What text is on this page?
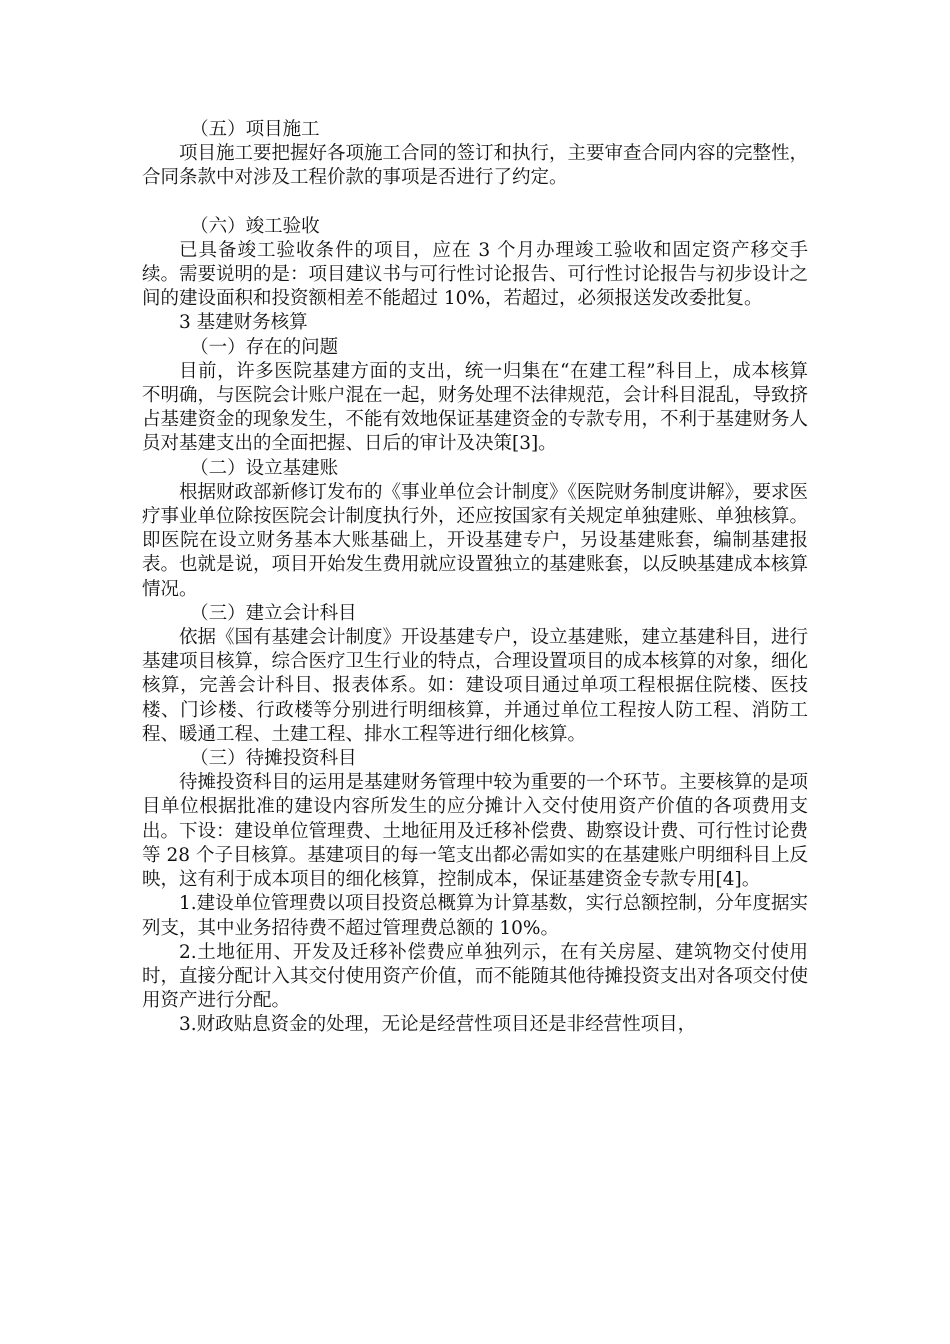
（五）项目施工

项目施工要把握好各项施工合同的签订和执行，主要审查合同内容的完整性，合同条款中对涉及工程价款的事项是否进行了约定。

（六）竣工验收

已具备竣工验收条件的项目，应在 3 个月办理竣工验收和固定资产移交手续。需要说明的是：项目建议书与可行性讨论报告、可行性讨论报告与初步设计之间的建设面积和投资额相差不能超过 10%，若超过，必须报送发改委批复。

3 基建财务核算

（一）存在的问题

目前，许多医院基建方面的支出，统一归集在“在建工程”科目上，成本核算不明确，与医院会计账户混在一起，财务处理不法律规范，会计科目混乱，导致挤占基建资金的现象发生，不能有效地保证基建资金的专款专用，不利于基建财务人员对基建支出的全面把握、日后的审计及决策[3]。

（二）设立基建账

根据财政部新修订发布的《事业单位会计制度》《医院财务制度讲解》，要求医疗事业单位除按医院会计制度执行外，还应按国家有关规定单独建账、单独核算。即医院在设立财务基本大账基础上，开设基建专户，另设基建账套，编制基建报表。也就是说，项目开始发生费用就应设置独立的基建账套，以反映基建成本核算情况。

（三）建立会计科目

依据《国有基建会计制度》开设基建专户，设立基建账，建立基建科目，进行基建项目核算，综合医疗卫生行业的特点，合理设置项目的成本核算的对象，细化核算，完善会计科目、报表体系。如：建设项目通过单项工程根据住院楼、医技楼、门诊楼、行政楼等分别进行明细核算，并通过单位工程按人防工程、消防工程、暖通工程、土建工程、排水工程等进行细化核算。

（三）待摊投资科目

待摊投资科目的运用是基建财务管理中较为重要的一个环节。主要核算的是项目单位根据批准的建设内容所发生的应分摊计入交付使用资产价值的各项费用支出。下设：建设单位管理费、土地征用及迁移补偿费、勘察设计费、可行性讨论费等 28 个子目核算。基建项目的每一笔支出都必需如实的在基建账户明细科目上反映，这有利于成本项目的细化核算，控制成本，保证基建资金专款专用[4]。

1.建设单位管理费以项目投资总概算为计算基数，实行总额控制，分年度据实列支，其中业务招待费不超过管理费总额的 10%。

2.土地征用、开发及迁移补偿费应单独列示，在有关房屋、建筑物交付使用时，直接分配计入其交付使用资产价值，而不能随其他待摊投资支出对各项交付使用资产进行分配。

3.财政贴息资金的处理，无论是经营性项目还是非经营性项目，
